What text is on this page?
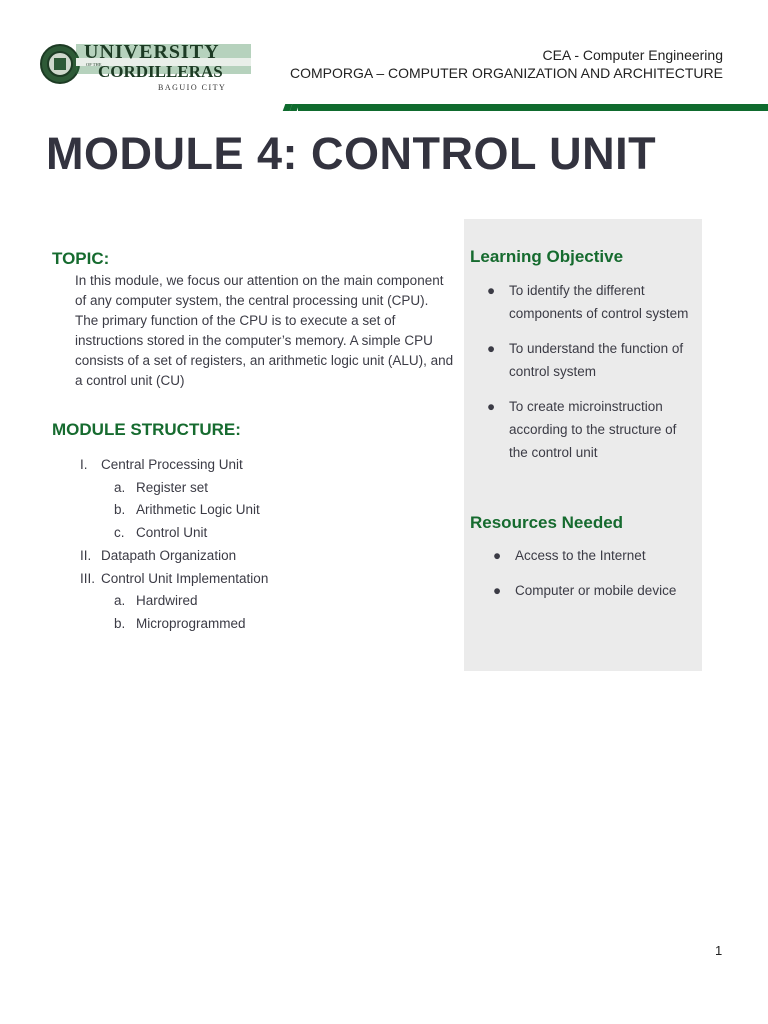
UNIVERSITY
OF THE
CORDILLERAS
BAGUIO CITY
CEA - Computer Engineering
COMPORGA – COMPUTER ORGANIZATION AND ARCHITECTURE
MODULE 4: CONTROL UNIT
TOPIC:

In this module, we focus our attention on the main component of any computer system, the central processing unit (CPU). The primary function of the CPU is to execute a set of instructions stored in the computer’s memory. A simple CPU consists of a set of registers, an arithmetic logic unit (ALU), and a control unit (CU)

MODULE STRUCTURE:
I. Central Processing Unit
a. Register set
b. Arithmetic Logic Unit
c. Control Unit
II. Datapath Organization
III. Control Unit Implementation
a. Hardwired
b. Microprogrammed
Learning Objective
● To identify the different components of control system
● To understand the function of control system
● To create microinstruction according to the structure of the control unit
Resources Needed
● Access to the Internet
● Computer or mobile device
1
